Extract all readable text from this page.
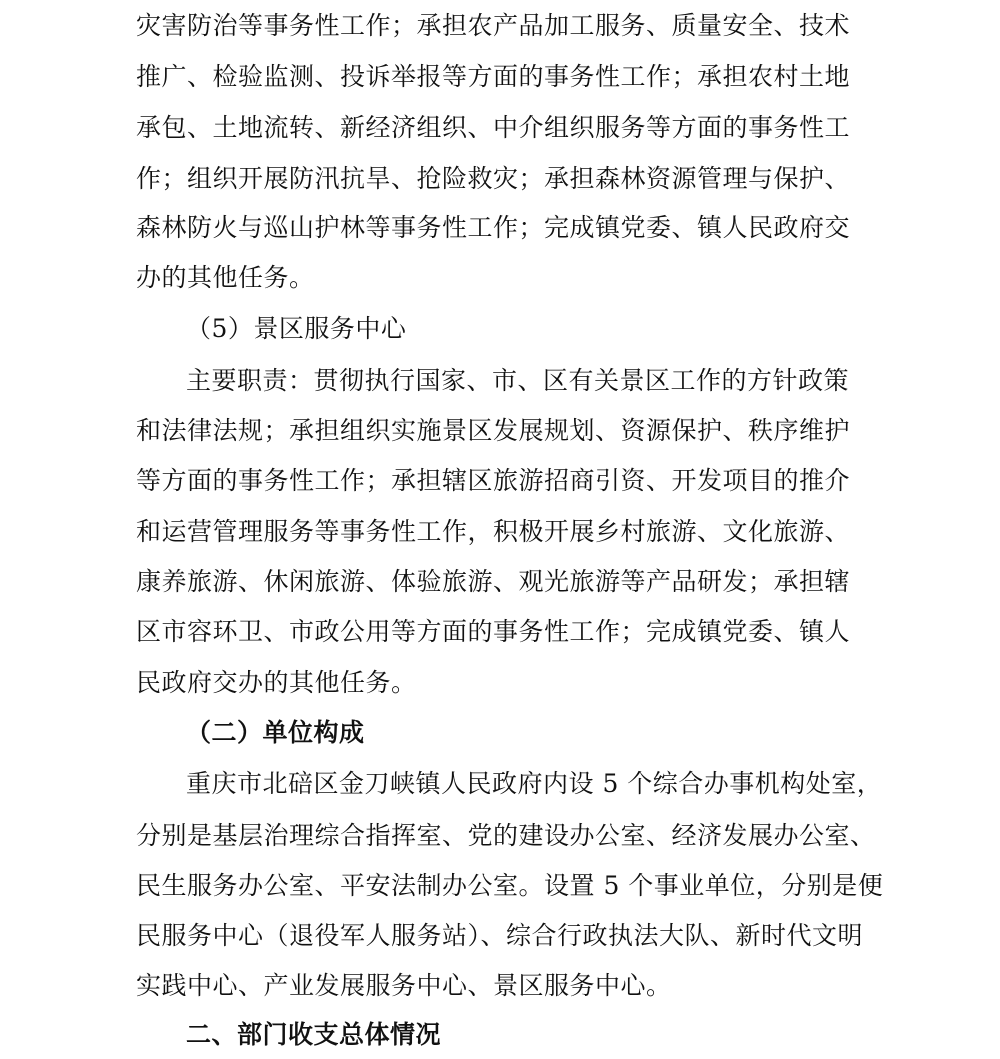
灾害防治等事务性工作；承担农产品加工服务、质量安全、技术
推广、检验监测、投诉举报等方面的事务性工作；承担农村土地
承包、土地流转、新经济组织、中介组织服务等方面的事务性工
作；组织开展防汛抗旱、抢险救灾；承担森林资源管理与保护、
森林防火与巡山护林等事务性工作；完成镇党委、镇人民政府交
办的其他任务。
（5）景区服务中心
主要职责：贯彻执行国家、市、区有关景区工作的方针政策
和法律法规；承担组织实施景区发展规划、资源保护、秩序维护
等方面的事务性工作；承担辖区旅游招商引资、开发项目的推介
和运营管理服务等事务性工作，积极开展乡村旅游、文化旅游、
康养旅游、休闲旅游、体验旅游、观光旅游等产品研发；承担辖
区市容环卫、市政公用等方面的事务性工作；完成镇党委、镇人
民政府交办的其他任务。
（二）单位构成
重庆市北碚区金刀峡镇人民政府内设 5 个综合办事机构处室，
分别是基层治理综合指挥室、党的建设办公室、经济发展办公室、
民生服务办公室、平安法制办公室。设置 5 个事业单位，分别是便
民服务中心（退役军人服务站）、综合行政执法大队、新时代文明
实践中心、产业发展服务中心、景区服务中心。
二、部门收支总体情况
